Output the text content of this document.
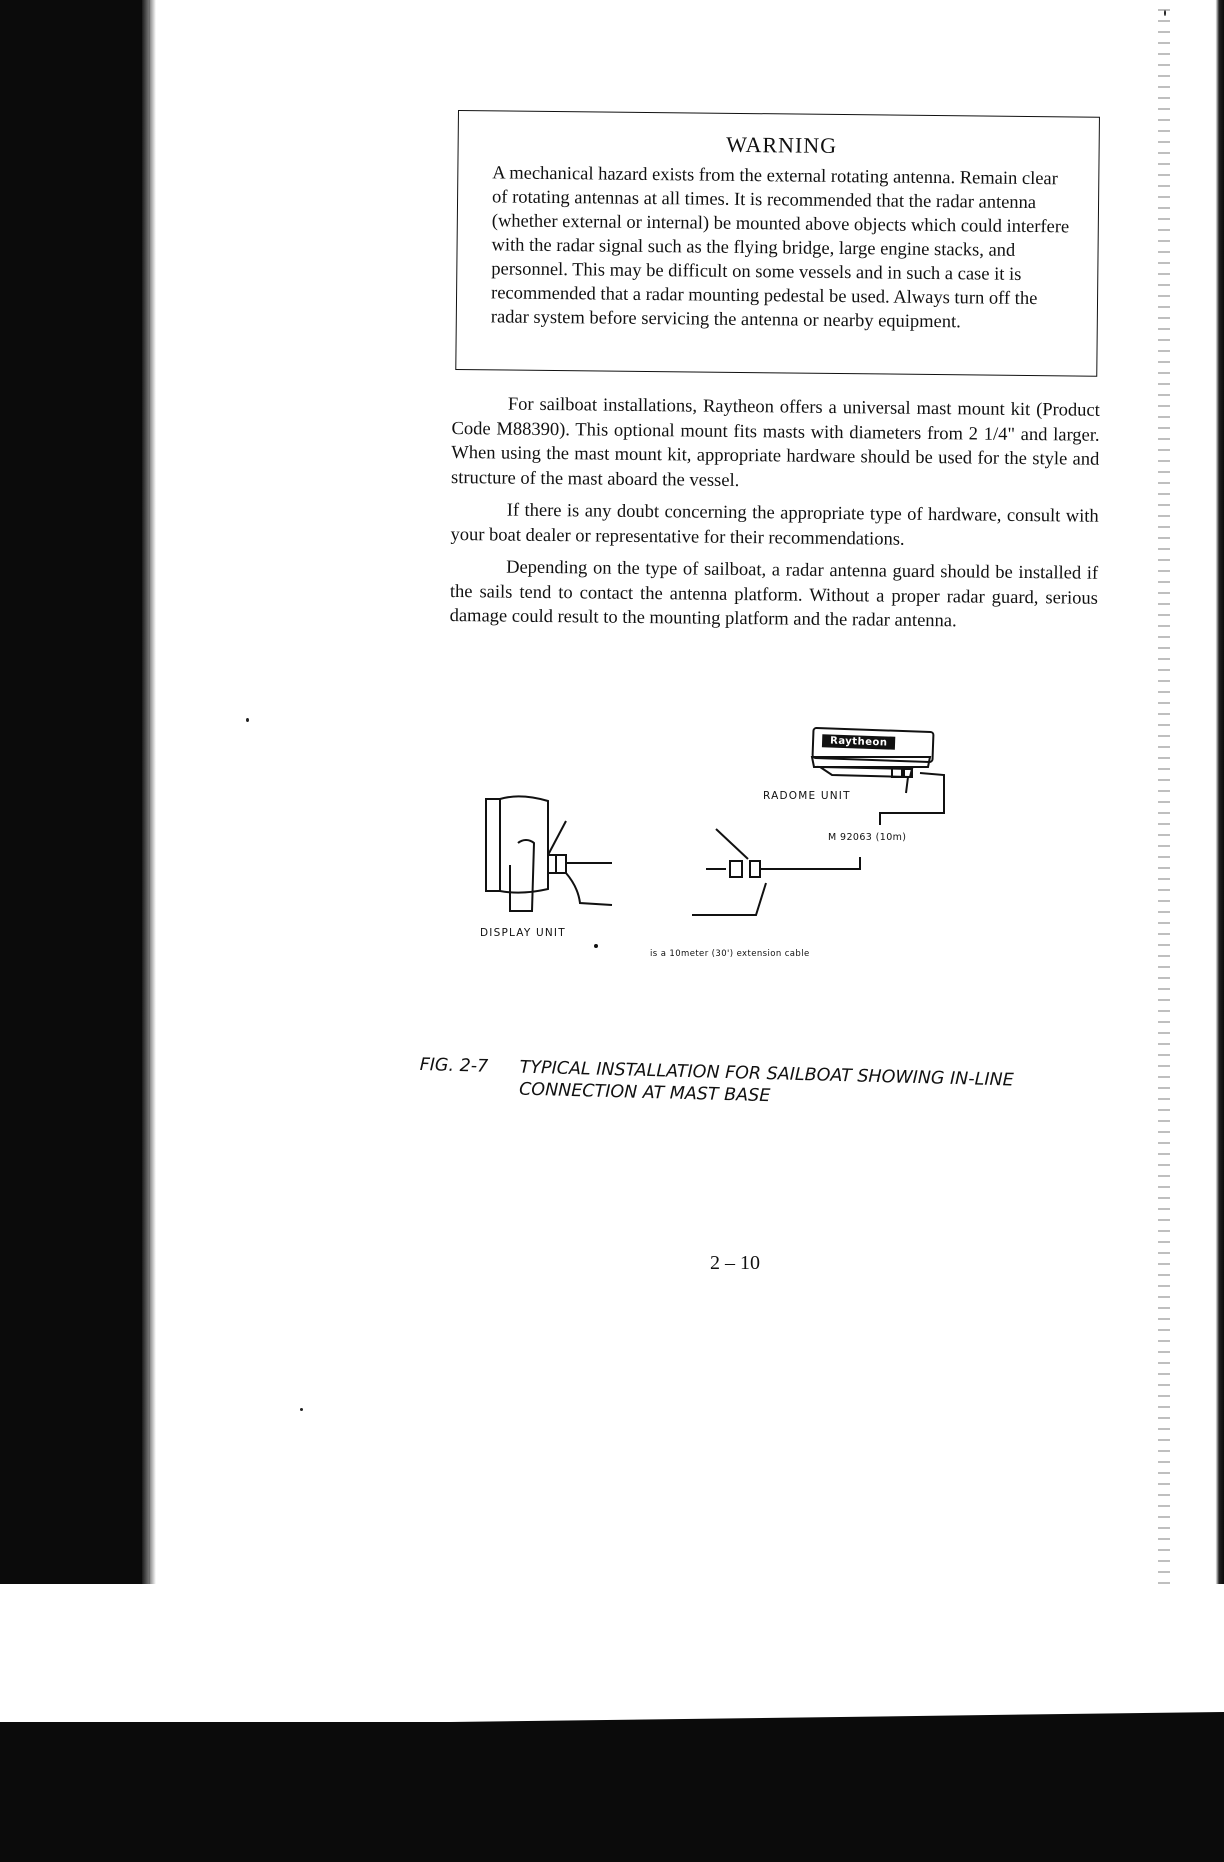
WARNING

A mechanical hazard exists from the external rotating antenna. Remain clear of rotating antennas at all times. It is recommended that the radar antenna (whether external or internal) be mounted above objects which could interfere with the radar signal such as the flying bridge, large engine stacks, and personnel. This may be difficult on some vessels and in such a case it is recommended that a radar mounting pedestal be used. Always turn off the radar system before servicing the antenna or nearby equipment.

For sailboat installations, Raytheon offers a universal mast mount kit (Product Code M88390). This optional mount fits masts with diameters from 2 1/4" and larger. When using the mast mount kit, appropriate hardware should be used for the style and structure of the mast aboard the vessel.

If there is any doubt concerning the appropriate type of hardware, consult with your boat dealer or representative for their recommendations.

Depending on the type of sailboat, a radar antenna guard should be installed if the sails tend to contact the antenna platform. Without a proper radar guard, serious damage could result to the mounting platform and the radar antenna.

Raytheon
RADOME UNIT
M 92063 (10m)
DISPLAY UNIT
is a 10meter (30') extension cable
FIG. 2-7 TYPICAL INSTALLATION FOR SAILBOAT SHOWING IN-LINE CONNECTION AT MAST BASE
2 – 10
